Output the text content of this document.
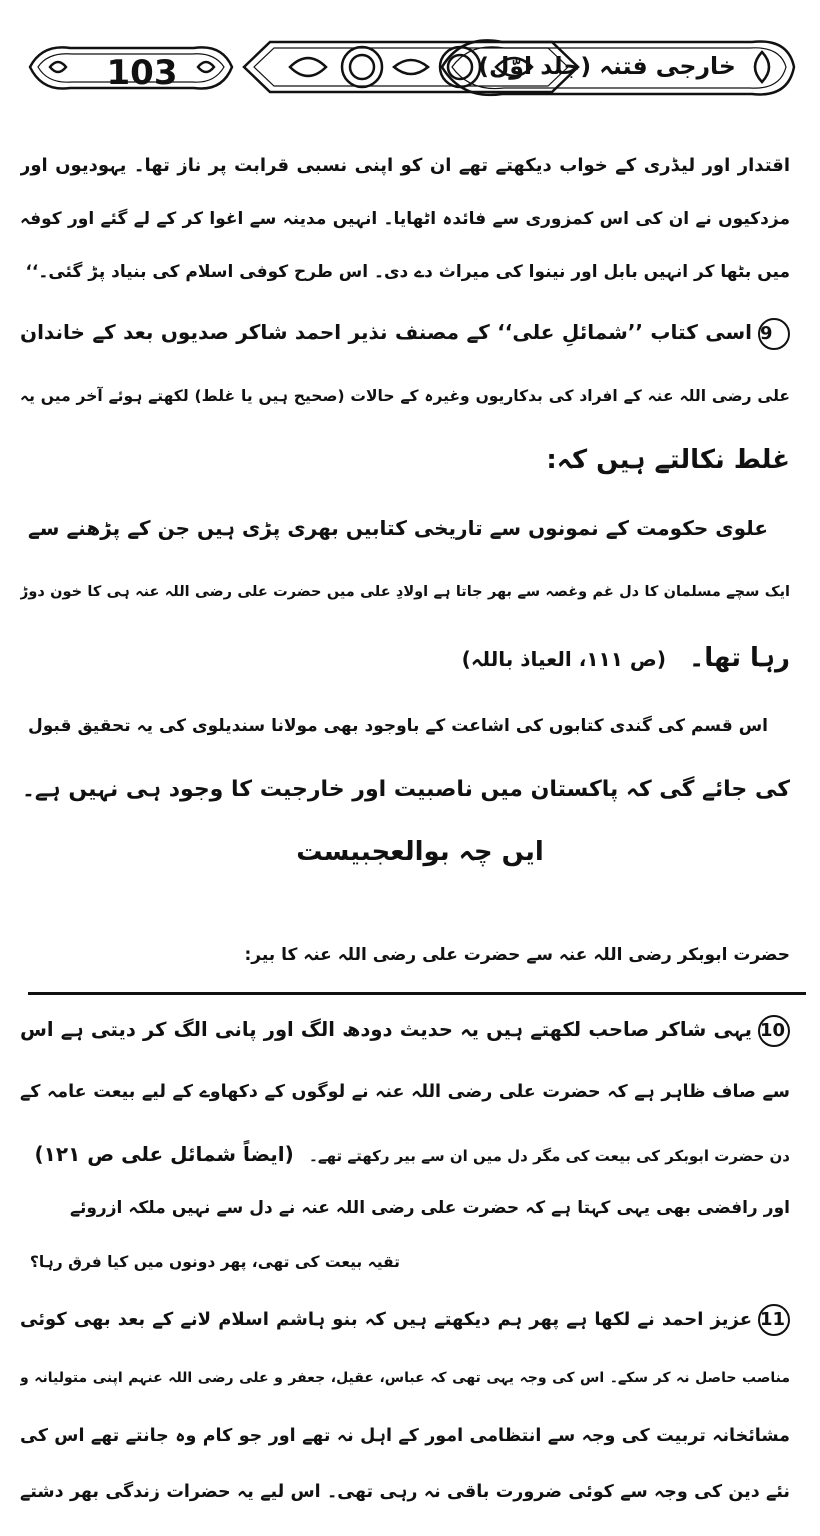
103	خارجی فتنہ (جلد اوّل)
اقتدار اور لیڈری کے خواب دیکھتے تھے ان کو اپنی نسبی قرابت پر ناز تھا۔ یہودیوں اور
مزدکیوں نے ان کی اس کمزوری سے فائدہ اٹھایا۔ انہیں مدینہ سے اغوا کر کے لے گئے اور کوفہ
میں بٹھا کر انہیں بابل اور نینوا کی میراث دے دی۔ اس طرح کوفی اسلام کی بنیاد پڑ گئی۔‘‘
9اسی کتاب ’’شمائلِ علی‘‘ کے مصنف نذیر احمد شاکر صدیوں بعد کے خاندان
علی رضی اللہ عنہ کے افراد کی بدکاریوں وغیرہ کے حالات (صحیح ہیں یا غلط) لکھتے ہوئے آخر میں یہ
غلط نکالتے ہیں کہ:
علوی حکومت کے نمونوں سے تاریخی کتابیں بھری پڑی ہیں جن کے پڑھنے سے
ایک سچے مسلمان کا دل غم وغصہ سے بھر جاتا ہے اولادِ علی میں حضرت علی رضی اللہ عنہ ہی کا خون دوڑ
رہا تھا۔ (ص ۱۱۱، العیاذ باللہ)
اس قسم کی گندی کتابوں کی اشاعت کے باوجود بھی مولانا سندیلوی کی یہ تحقیق قبول
کی جائے گی کہ پاکستان میں ناصبیت اور خارجیت کا وجود ہی نہیں ہے۔
ایں چہ بوالعجبیست
حضرت ابوبکر رضی اللہ عنہ سے حضرت علی رضی اللہ عنہ کا بیر:
10یہی شاکر صاحب لکھتے ہیں یہ حدیث دودھ الگ اور پانی الگ کر دیتی ہے اس
سے صاف ظاہر ہے کہ حضرت علی رضی اللہ عنہ نے لوگوں کے دکھاوے کے لیے بیعت عامہ کے
دن حضرت ابوبکر کی بیعت کی مگر دل میں ان سے بیر رکھتے تھے۔ (ایضاً شمائل علی ص ۱۲۱)
اور رافضی بھی یہی کہتا ہے کہ حضرت علی رضی اللہ عنہ نے دل سے نہیں ملکہ ازروئے
تقیہ بیعت کی تھی، پھر دونوں میں کیا فرق رہا؟
11عزیز احمد نے لکھا ہے پھر ہم دیکھتے ہیں کہ بنو ہاشم اسلام لانے کے بعد بھی کوئی
مناصب حاصل نہ کر سکے۔ اس کی وجہ یہی تھی کہ عباس، عقیل، جعفر و علی رضی اللہ عنہم اپنی متولیانہ و
مشائخانہ تربیت کی وجہ سے انتظامی امور کے اہل نہ تھے اور جو کام وہ جانتے تھے اس کی
نئے دین کی وجہ سے کوئی ضرورت باقی نہ رہی تھی۔ اس لیے یہ حضرات زندگی بھر دشتے
